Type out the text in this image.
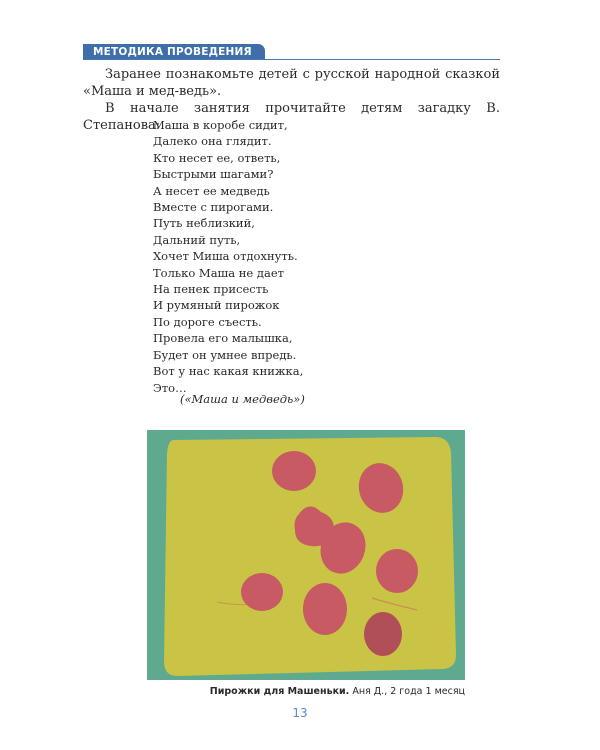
МЕТОДИКА ПРОВЕДЕНИЯ

Заранее познакомьте детей с русской народной сказкой «Маша и мед-ведь».

В начале занятия прочитайте детям загадку В. Степанова:

Маша в коробе сидит,
Далеко она глядит.
Кто несет ее, ответь,
Быстрыми шагами?
А несет ее медведь
Вместе с пирогами.
Путь неблизкий,
Дальний путь,
Хочет Миша отдохнуть.
Только Маша не дает
На пенек присесть
И румяный пирожок
По дороге съесть.
Провела его малышка,
Будет он умнее впредь.
Вот у нас какая книжка,
Это…
(«Маша и медведь»)
Пирожки для Машеньки. Аня Д., 2 года 1 месяц
13
